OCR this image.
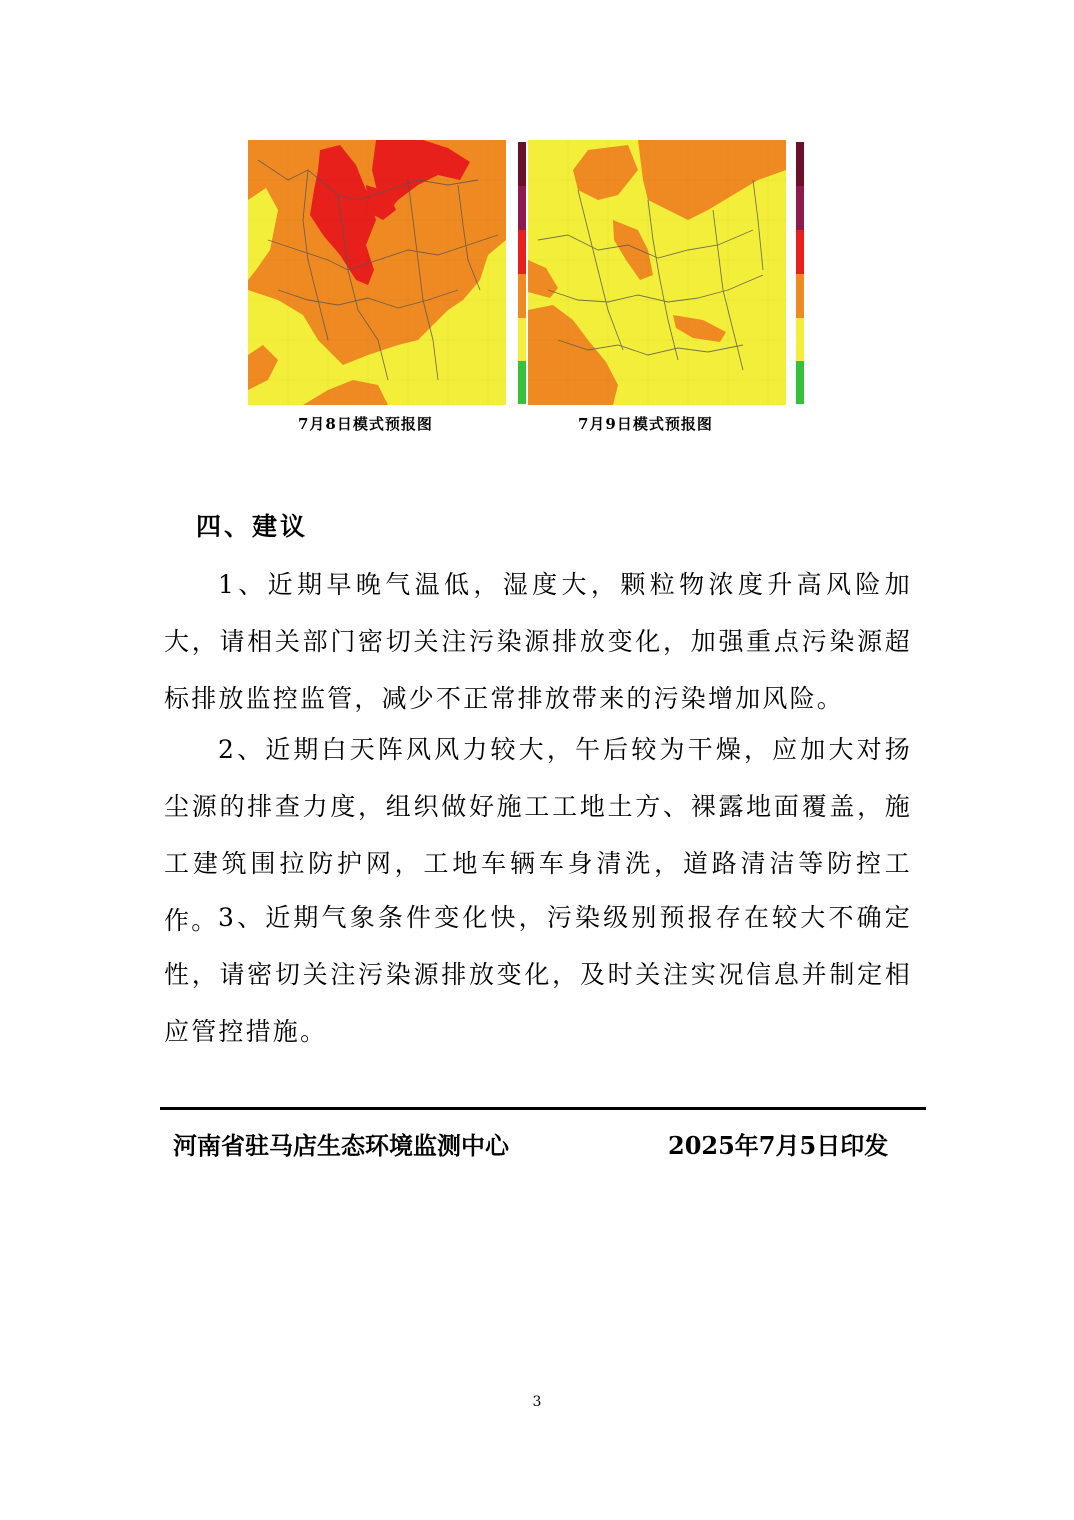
7月8日模式预报图	7月9日模式预报图
四、建议

1、近期早晚气温低，湿度大，颗粒物浓度升高风险加大，请相关部门密切关注污染源排放变化，加强重点污染源超标排放监控监管，减少不正常排放带来的污染增加风险。

2、近期白天阵风风力较大，午后较为干燥，应加大对扬尘源的排查力度，组织做好施工工地土方、裸露地面覆盖，施工建筑围拉防护网，工地车辆车身清洗，道路清洁等防控工作。 3、近期气象条件变化快，污染级别预报存在较大不确定性，请密切关注污染源排放变化，及时关注实况信息并制定相应管控措施。

河南省驻马店生态环境监测中心	2025年7月5日印发
3
